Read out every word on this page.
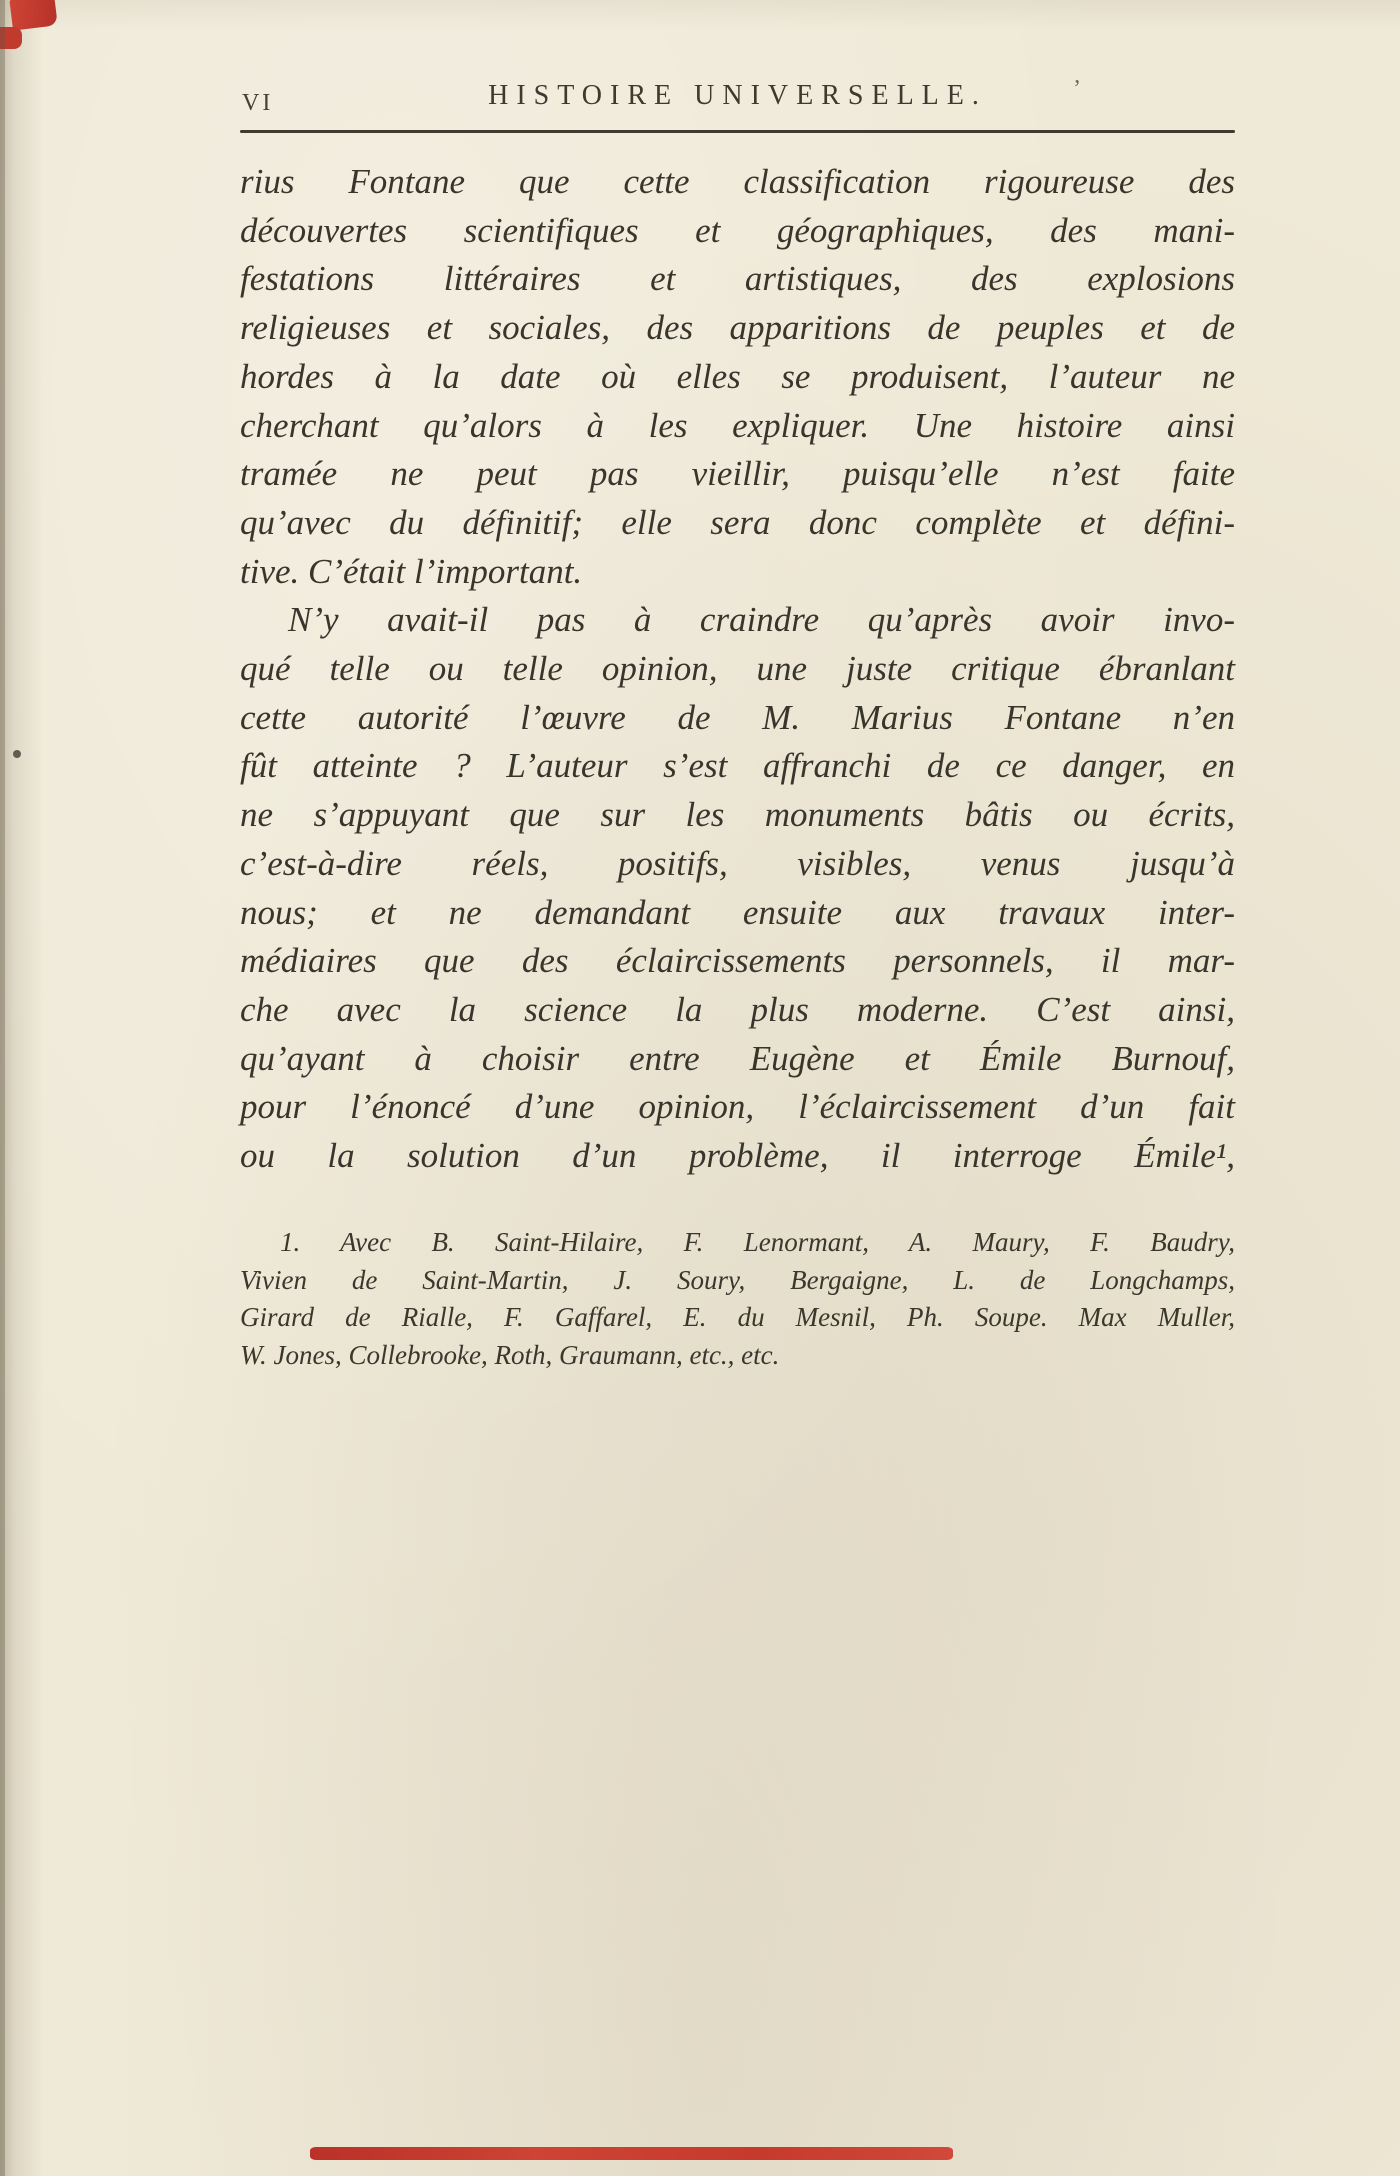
VI	HISTOIRE UNIVERSELLE.	’
rius Fontane que cette classification rigoureuse des
découvertes scientifiques et géographiques, des mani-
festations littéraires et artistiques, des explosions
religieuses et sociales, des apparitions de peuples et de
hordes à la date où elles se produisent, l’auteur ne
cherchant qu’alors à les expliquer. Une histoire ainsi
tramée ne peut pas vieillir, puisqu’elle n’est faite
qu’avec du définitif; elle sera donc complète et défini-
tive. C’était l’important.
N’y avait-il pas à craindre qu’après avoir invo-
qué telle ou telle opinion, une juste critique ébranlant
cette autorité l’œuvre de M. Marius Fontane n’en
fût atteinte ? L’auteur s’est affranchi de ce danger, en
ne s’appuyant que sur les monuments bâtis ou écrits,
c’est-à-dire réels, positifs, visibles, venus jusqu’à
nous; et ne demandant ensuite aux travaux inter-
médiaires que des éclaircissements personnels, il mar-
che avec la science la plus moderne. C’est ainsi,
qu’ayant à choisir entre Eugène et Émile Burnouf,
pour l’énoncé d’une opinion, l’éclaircissement d’un fait
ou la solution d’un problème, il interroge Émile¹,
1. Avec B. Saint-Hilaire, F. Lenormant, A. Maury, F. Baudry,
Vivien de Saint-Martin, J. Soury, Bergaigne, L. de Longchamps,
Girard de Rialle, F. Gaffarel, E. du Mesnil, Ph. Soupe. Max Muller,
W. Jones, Collebrooke, Roth, Graumann, etc., etc.
